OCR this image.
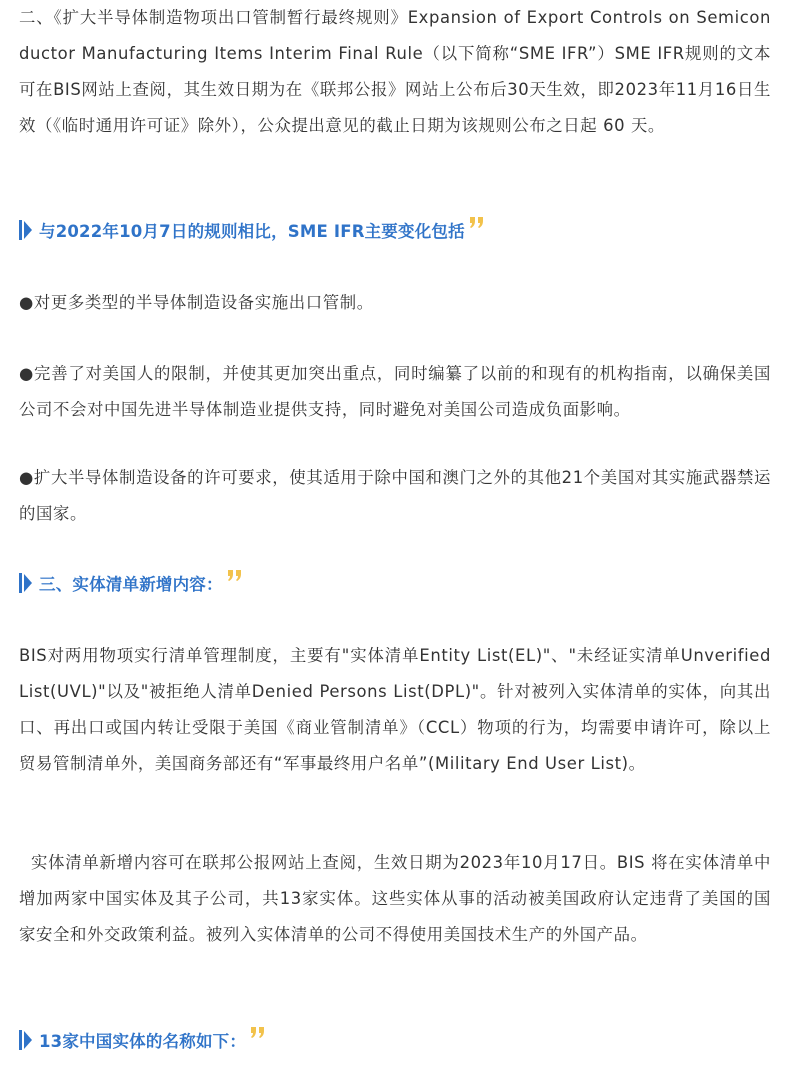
二、《扩大半导体制造物项出口管制暂行最终规则》Expansion of Export Controls on Semiconductor Manufacturing Items Interim Final Rule（以下简称“SME IFR”）SME IFR规则的文本可在BIS网站上查阅，其生效日期为在《联邦公报》网站上公布后30天生效，即2023年11月16日生效（《临时通用许可证》除外），公众提出意见的截止日期为该规则公布之日起 60 天。

与2022年10月7日的规则相比，SME IFR主要变化包括

●对更多类型的半导体制造设备实施出口管制。

●完善了对美国人的限制，并使其更加突出重点，同时编纂了以前的和现有的机构指南，以确保美国公司不会对中国先进半导体制造业提供支持，同时避免对美国公司造成负面影响。

●扩大半导体制造设备的许可要求，使其适用于除中国和澳门之外的其他21个美国对其实施武器禁运的国家。

三、实体清单新增内容：

BIS对两用物项实行清单管理制度，主要有"实体清单Entity List(EL)"、"未经证实清单Unverified List(UVL)"以及"被拒绝人清单Denied Persons List(DPL)"。针对被列入实体清单的实体，向其出口、再出口或国内转让受限于美国《商业管制清单》（CCL）物项的行为，均需要申请许可，除以上贸易管制清单外，美国商务部还有“军事最终用户名单”(Military End User List)。

实体清单新增内容可在联邦公报网站上查阅，生效日期为2023年10月17日。BIS 将在实体清单中增加两家中国实体及其子公司，共13家实体。这些实体从事的活动被美国政府认定违背了美国的国家安全和外交政策利益。被列入实体清单的公司不得使用美国技术生产的外国产品。

13家中国实体的名称如下：
